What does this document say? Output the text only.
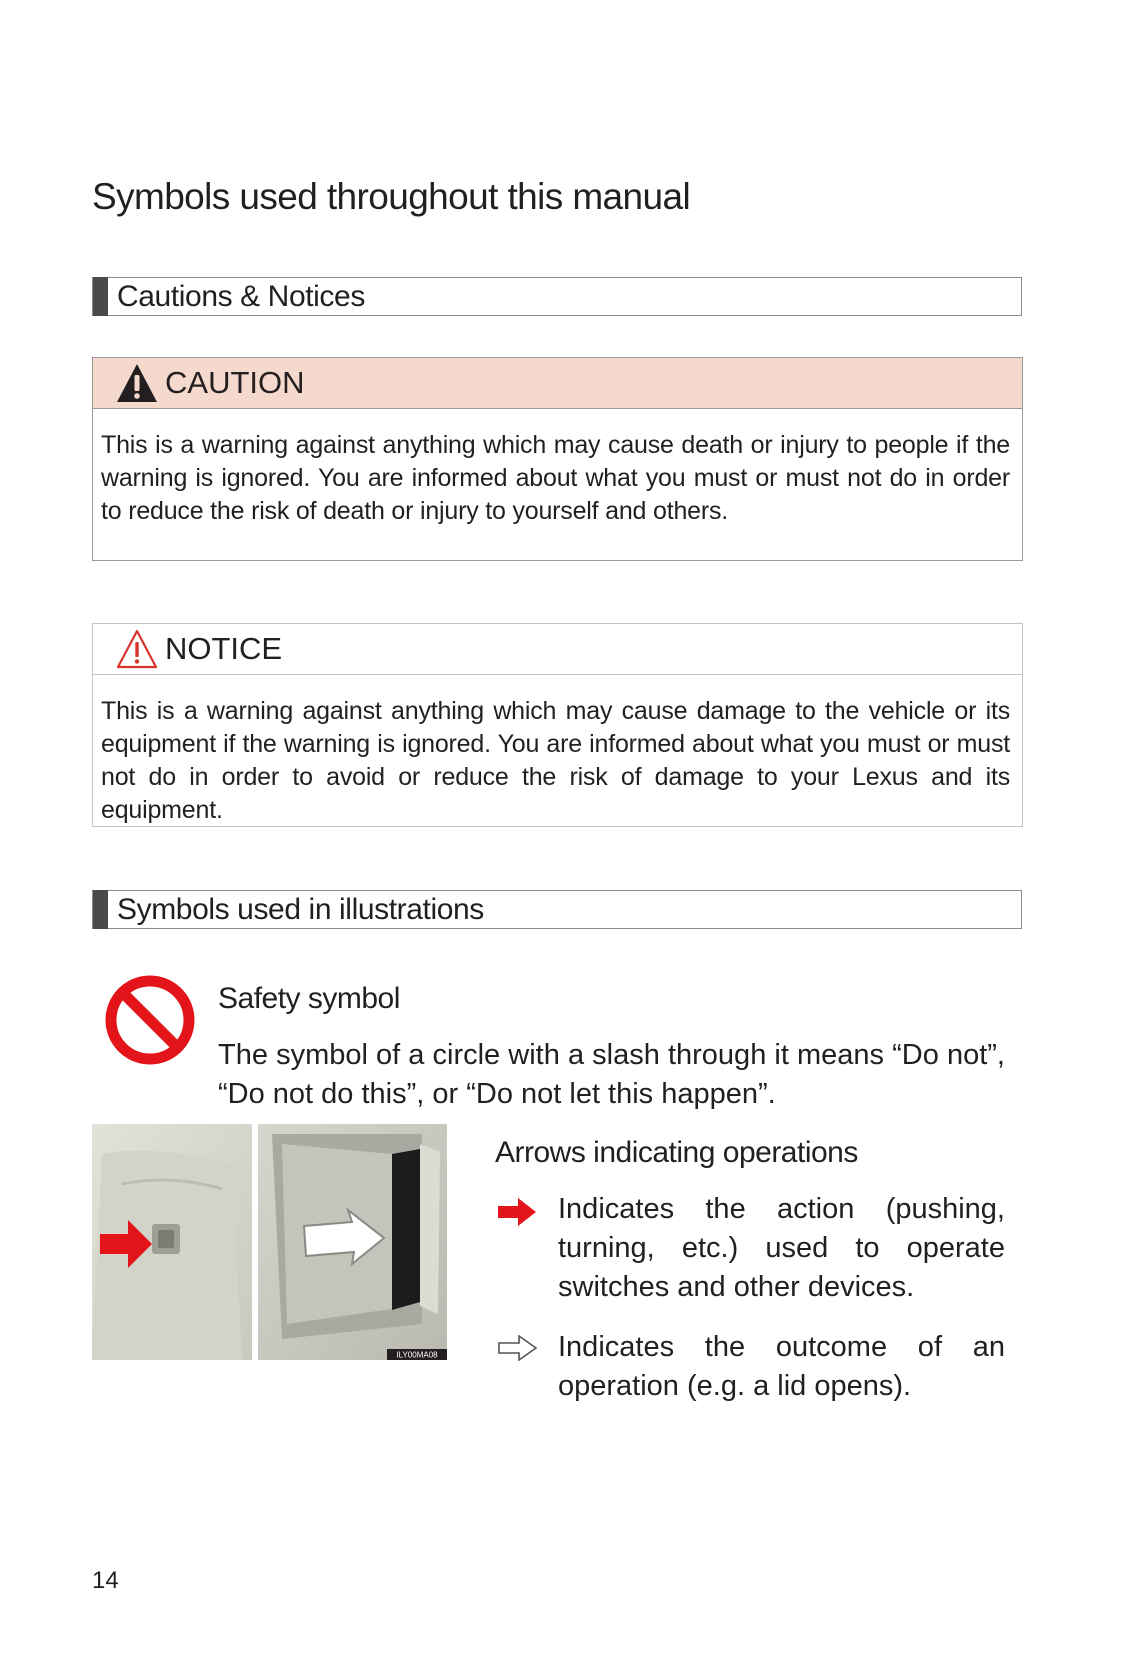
Symbols used throughout this manual
Cautions & Notices
CAUTION
This is a warning against anything which may cause death or injury to people if the warning is ignored. You are informed about what you must or must not do in order to reduce the risk of death or injury to yourself and others.
NOTICE
This is a warning against anything which may cause damage to the vehicle or its equipment if the warning is ignored. You are informed about what you must or must not do in order to avoid or reduce the risk of damage to your Lexus and its equipment.
Symbols used in illustrations
Safety symbol
The symbol of a circle with a slash through it means “Do not”, “Do not do this”, or “Do not let this happen”.
ILY00MA08
Arrows indicating operations
Indicates the action (pushing, turning, etc.) used to operate switches and other devices.
Indicates the outcome of an operation (e.g. a lid opens).
14
